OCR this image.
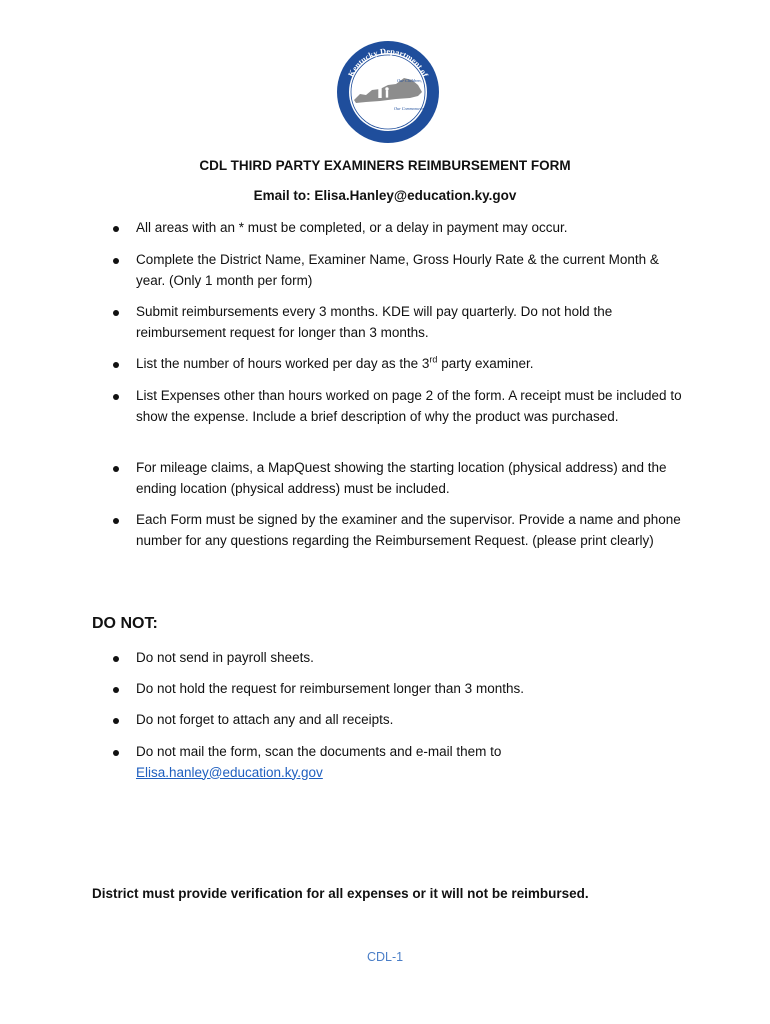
Our Children,
Our Commonwealth
Kentucky Department of
CDL THIRD PARTY EXAMINERS REIMBURSEMENT FORM
Email to: Elisa.Hanley@education.ky.gov
All areas with an * must be completed, or a delay in payment may occur.
Complete the District Name, Examiner Name, Gross Hourly Rate & the current Month & year. (Only 1 month per form)
Submit reimbursements every 3 months. KDE will pay quarterly. Do not hold the reimbursement request for longer than 3 months.
List the number of hours worked per day as the 3rd party examiner.
List Expenses other than hours worked on page 2 of the form. A receipt must be included to show the expense. Include a brief description of why the product was purchased.
For mileage claims, a MapQuest showing the starting location (physical address) and the ending location (physical address) must be included.
Each Form must be signed by the examiner and the supervisor. Provide a name and phone number for any questions regarding the Reimbursement Request. (please print clearly)
DO NOT:
Do not send in payroll sheets.
Do not hold the request for reimbursement longer than 3 months.
Do not forget to attach any and all receipts.
Do not mail the form, scan the documents and e-mail them to
Elisa.hanley@education.ky.gov
District must provide verification for all expenses or it will not be reimbursed.
CDL-1
